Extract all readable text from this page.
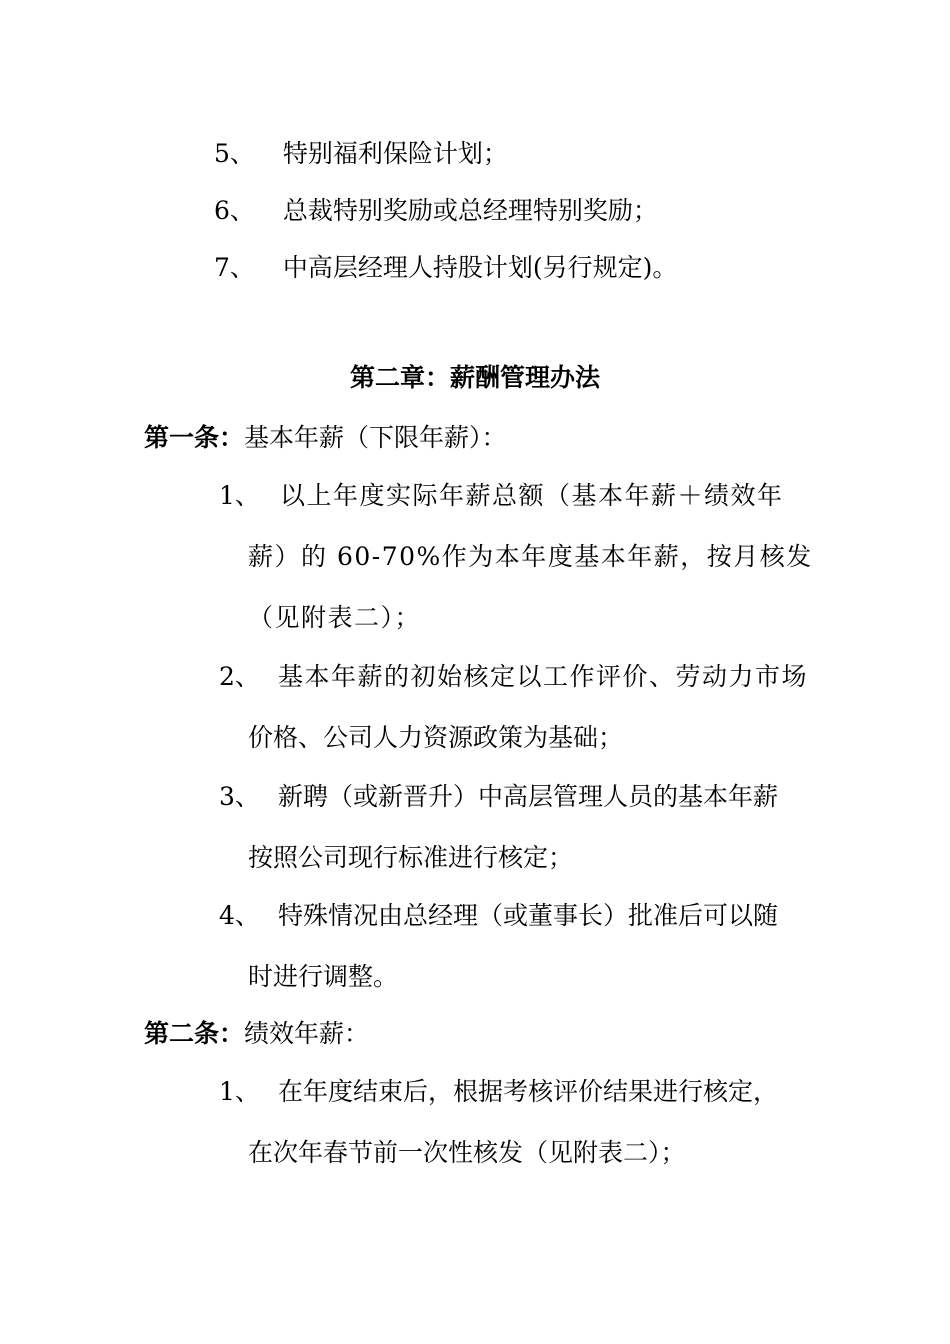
5、 特别福利保险计划；
6、 总裁特别奖励或总经理特别奖励；
7、 中高层经理人持股计划(另行规定)。
第二章：薪酬管理办法
第一条：基本年薪（下限年薪）：
1、 以上年度实际年薪总额（基本年薪＋绩效年
薪）的 60-70%作为本年度基本年薪，按月核发
（见附表二）；
2、 基本年薪的初始核定以工作评价、劳动力市场
价格、公司人力资源政策为基础；
3、 新聘（或新晋升）中高层管理人员的基本年薪
按照公司现行标准进行核定；
4、 特殊情况由总经理（或董事长）批准后可以随
时进行调整。
第二条：绩效年薪：
1、 在年度结束后，根据考核评价结果进行核定，
在次年春节前一次性核发（见附表二）；
